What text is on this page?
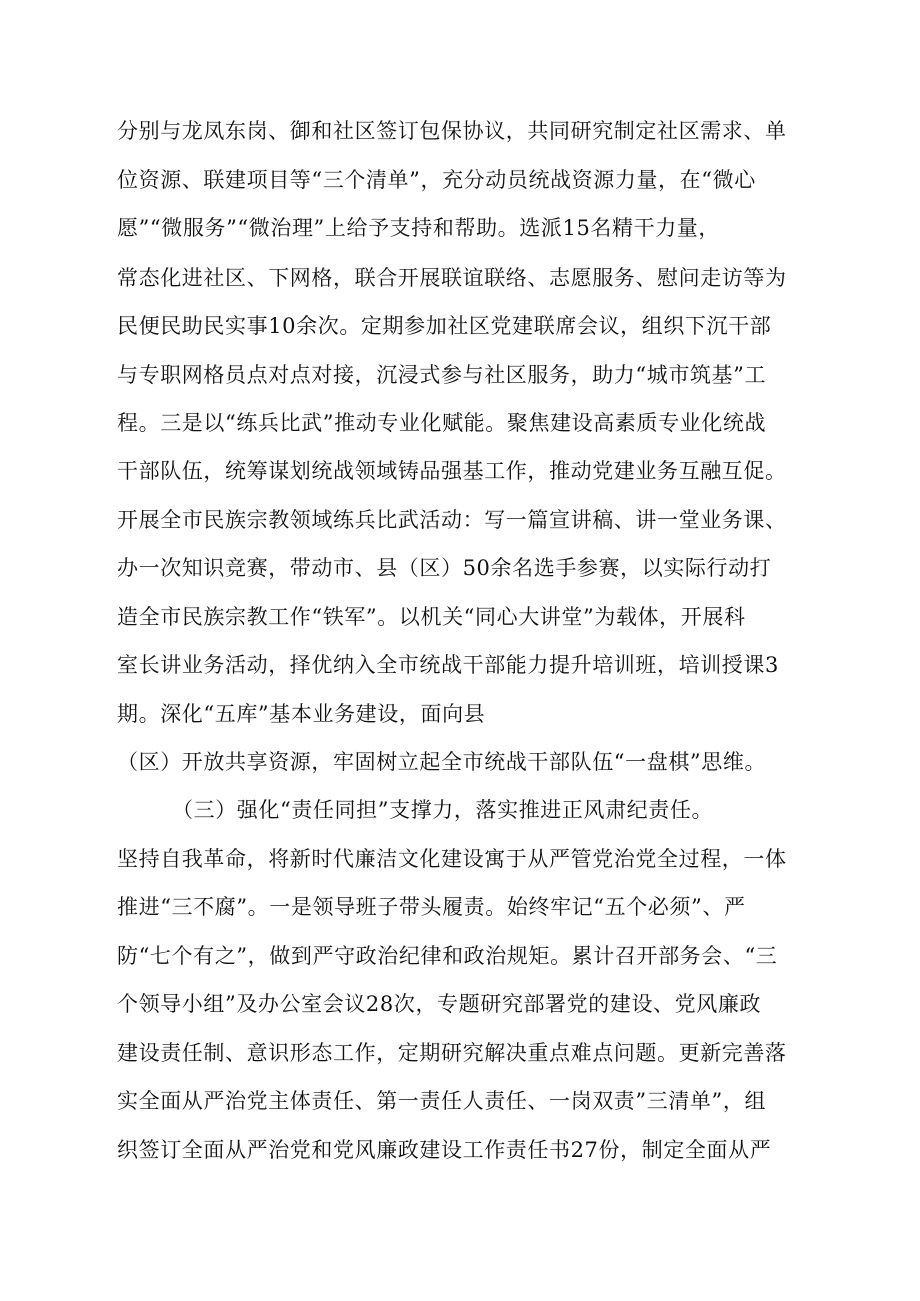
分别与龙凤东岗、御和社区签订包保协议，共同研究制定社区需求、单
位资源、联建项目等“三个清单”，充分动员统战资源力量，在“微心
愿”“微服务”“微治理”上给予支持和帮助。选派15名精干力量，
常态化进社区、下网格，联合开展联谊联络、志愿服务、慰问走访等为
民便民助民实事10余次。定期参加社区党建联席会议，组织下沉干部
与专职网格员点对点对接，沉浸式参与社区服务，助力“城市筑基”工
程。三是以“练兵比武”推动专业化赋能。聚焦建设高素质专业化统战
干部队伍，统筹谋划统战领域铸品强基工作，推动党建业务互融互促。
开展全市民族宗教领域练兵比武活动：写一篇宣讲稿、讲一堂业务课、
办一次知识竞赛，带动市、县（区）50余名选手参赛，以实际行动打
造全市民族宗教工作“铁军”。以机关“同心大讲堂”为载体，开展科
室长讲业务活动，择优纳入全市统战干部能力提升培训班，培训授课3
期。深化“五库”基本业务建设，面向县
（区）开放共享资源，牢固树立起全市统战干部队伍“一盘棋”思维。
（三）强化“责任同担”支撑力，落实推进正风肃纪责任。
坚持自我革命，将新时代廉洁文化建设寓于从严管党治党全过程，一体
推进“三不腐”。一是领导班子带头履责。始终牢记“五个必须”、严
防“七个有之”，做到严守政治纪律和政治规矩。累计召开部务会、“三
个领导小组”及办公室会议28次，专题研究部署党的建设、党风廉政
建设责任制、意识形态工作，定期研究解决重点难点问题。更新完善落
实全面从严治党主体责任、第一责任人责任、一岗双责”三清单”，组
织签订全面从严治党和党风廉政建设工作责任书27份，制定全面从严
